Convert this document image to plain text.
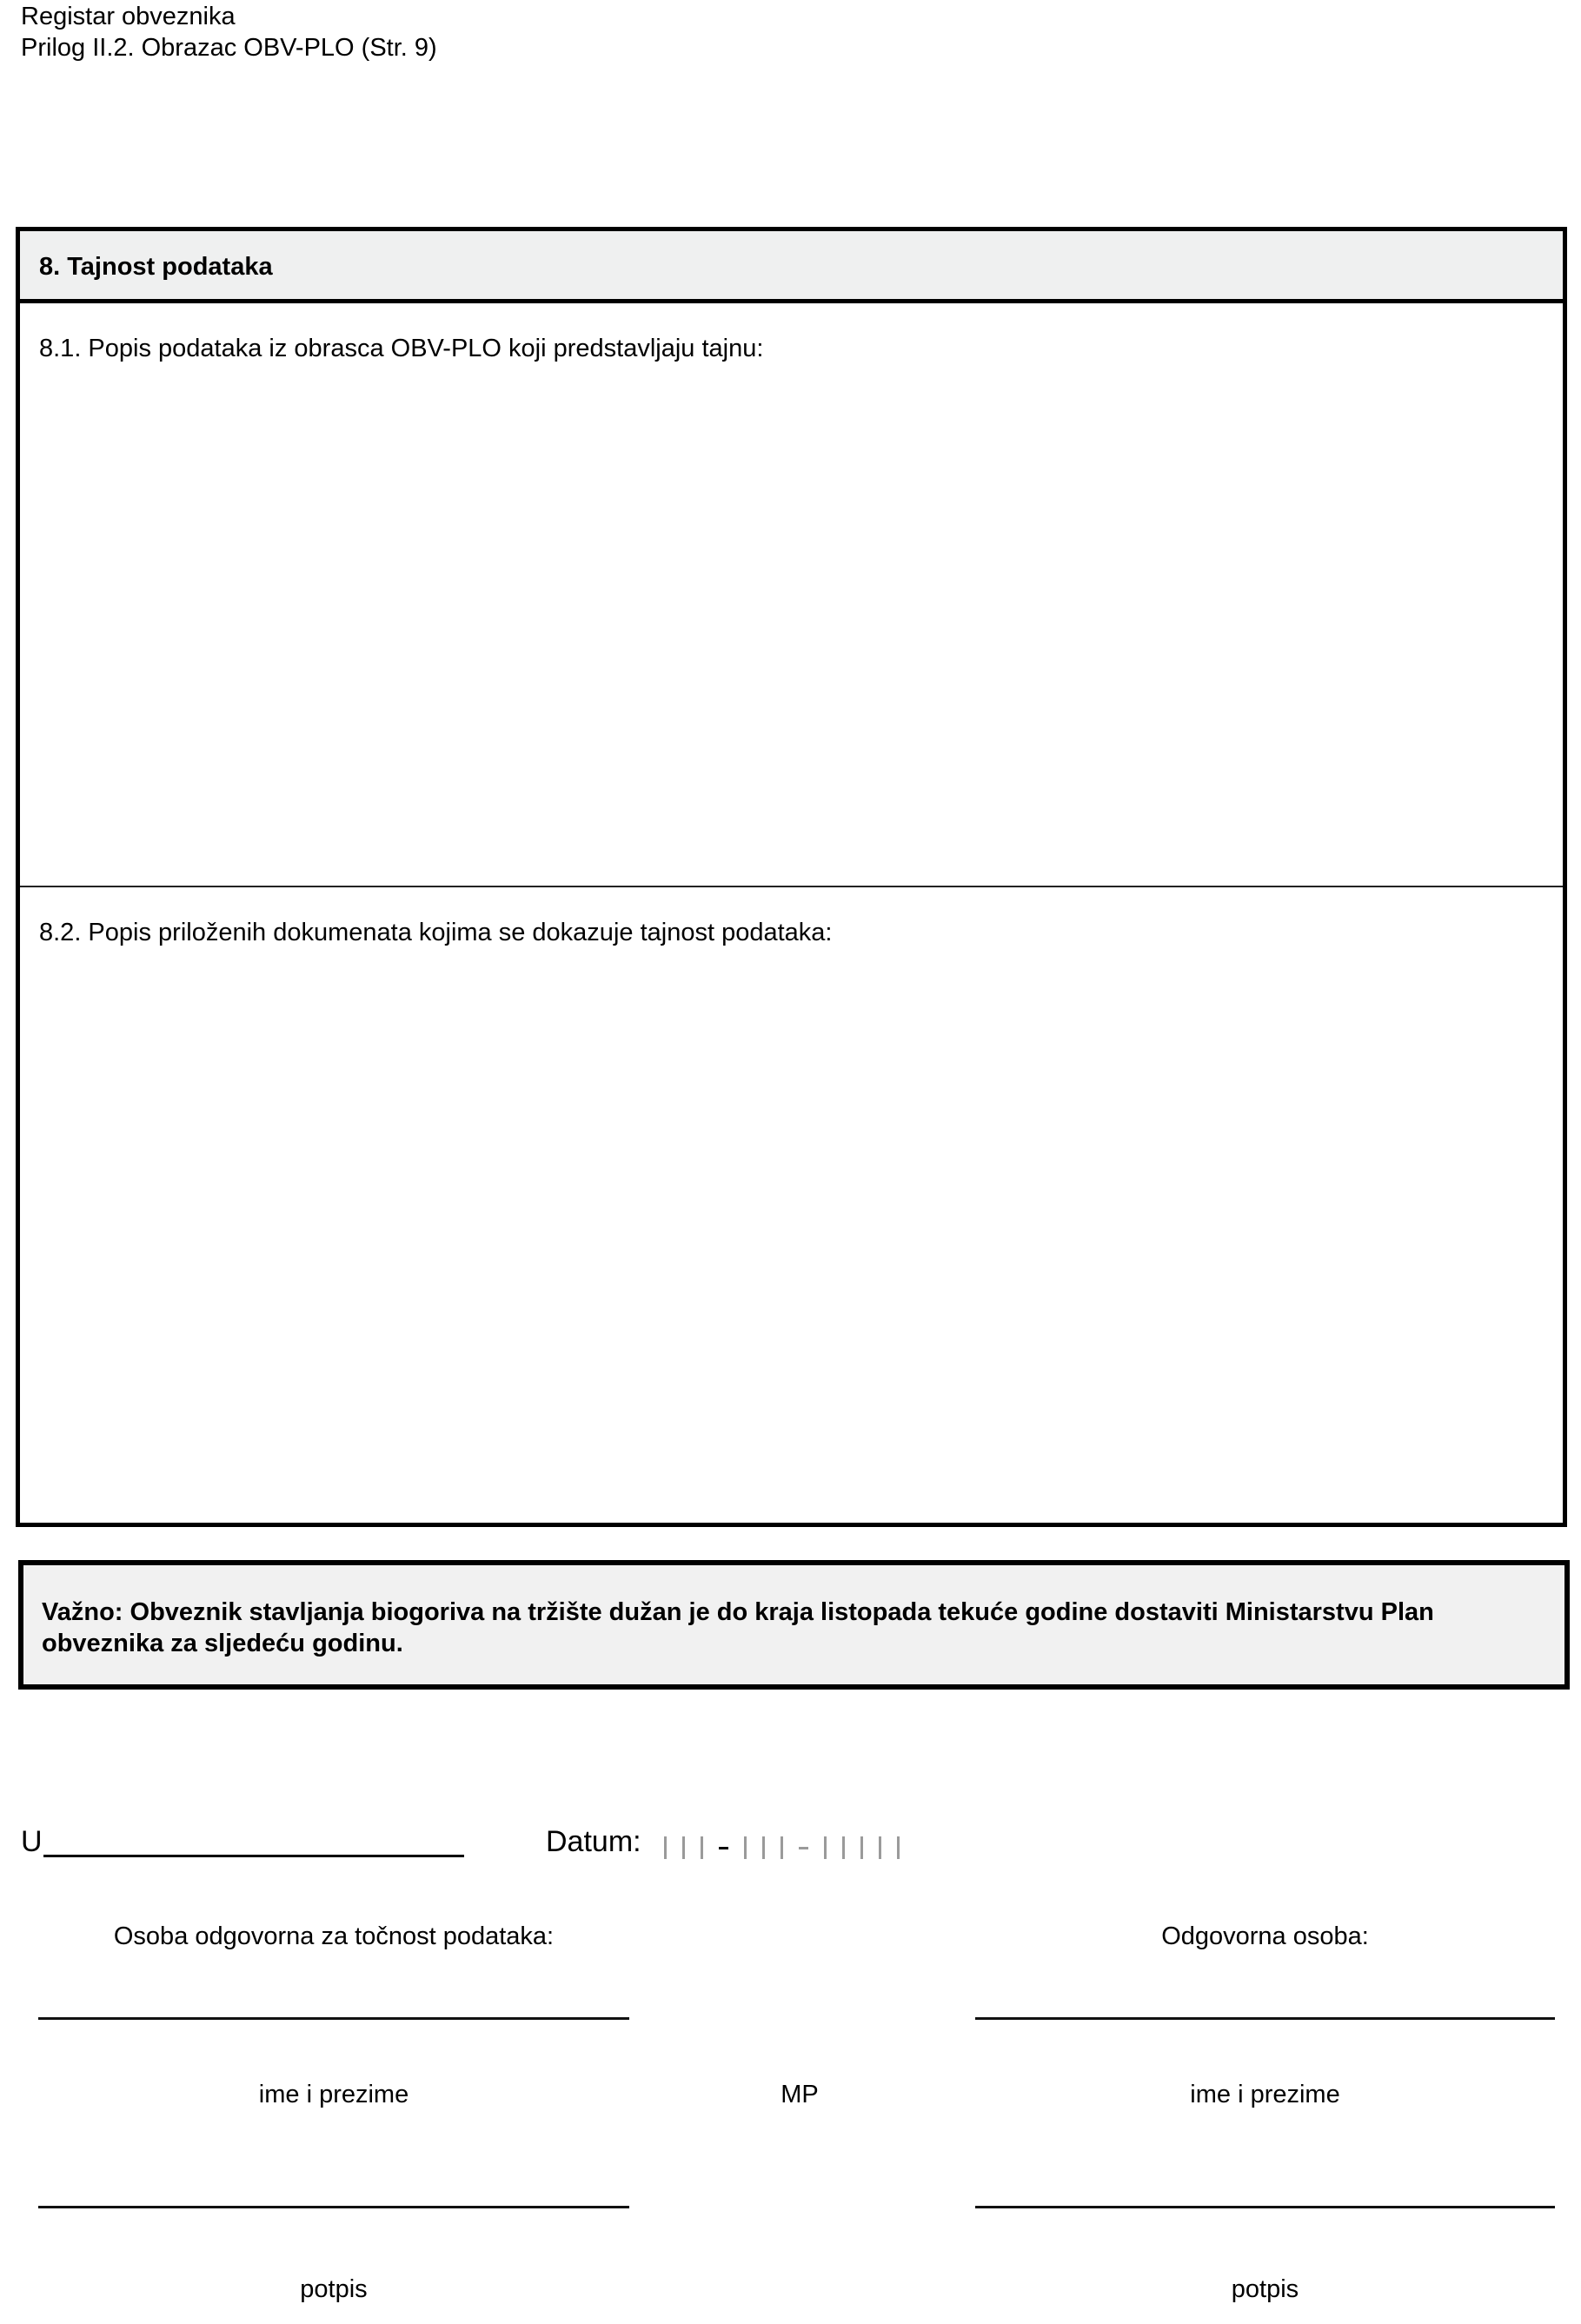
Registar obveznika
Prilog II.2. Obrazac OBV-PLO (Str. 9)
8. Tajnost podataka
8.1. Popis podataka iz obrasca OBV-PLO koji predstavljaju tajnu:
8.2. Popis priloženih dokumenata kojima se dokazuje tajnost podataka:
Važno: Obveznik stavljanja biogoriva na tržište dužan je do kraja listopada tekuće godine dostaviti Ministarstvu Plan obveznika za sljedeću godinu.
U	Datum:
Osoba odgovorna za točnost podataka:
ime i prezime
potpis
MP
Odgovorna osoba:
ime i prezime
potpis
